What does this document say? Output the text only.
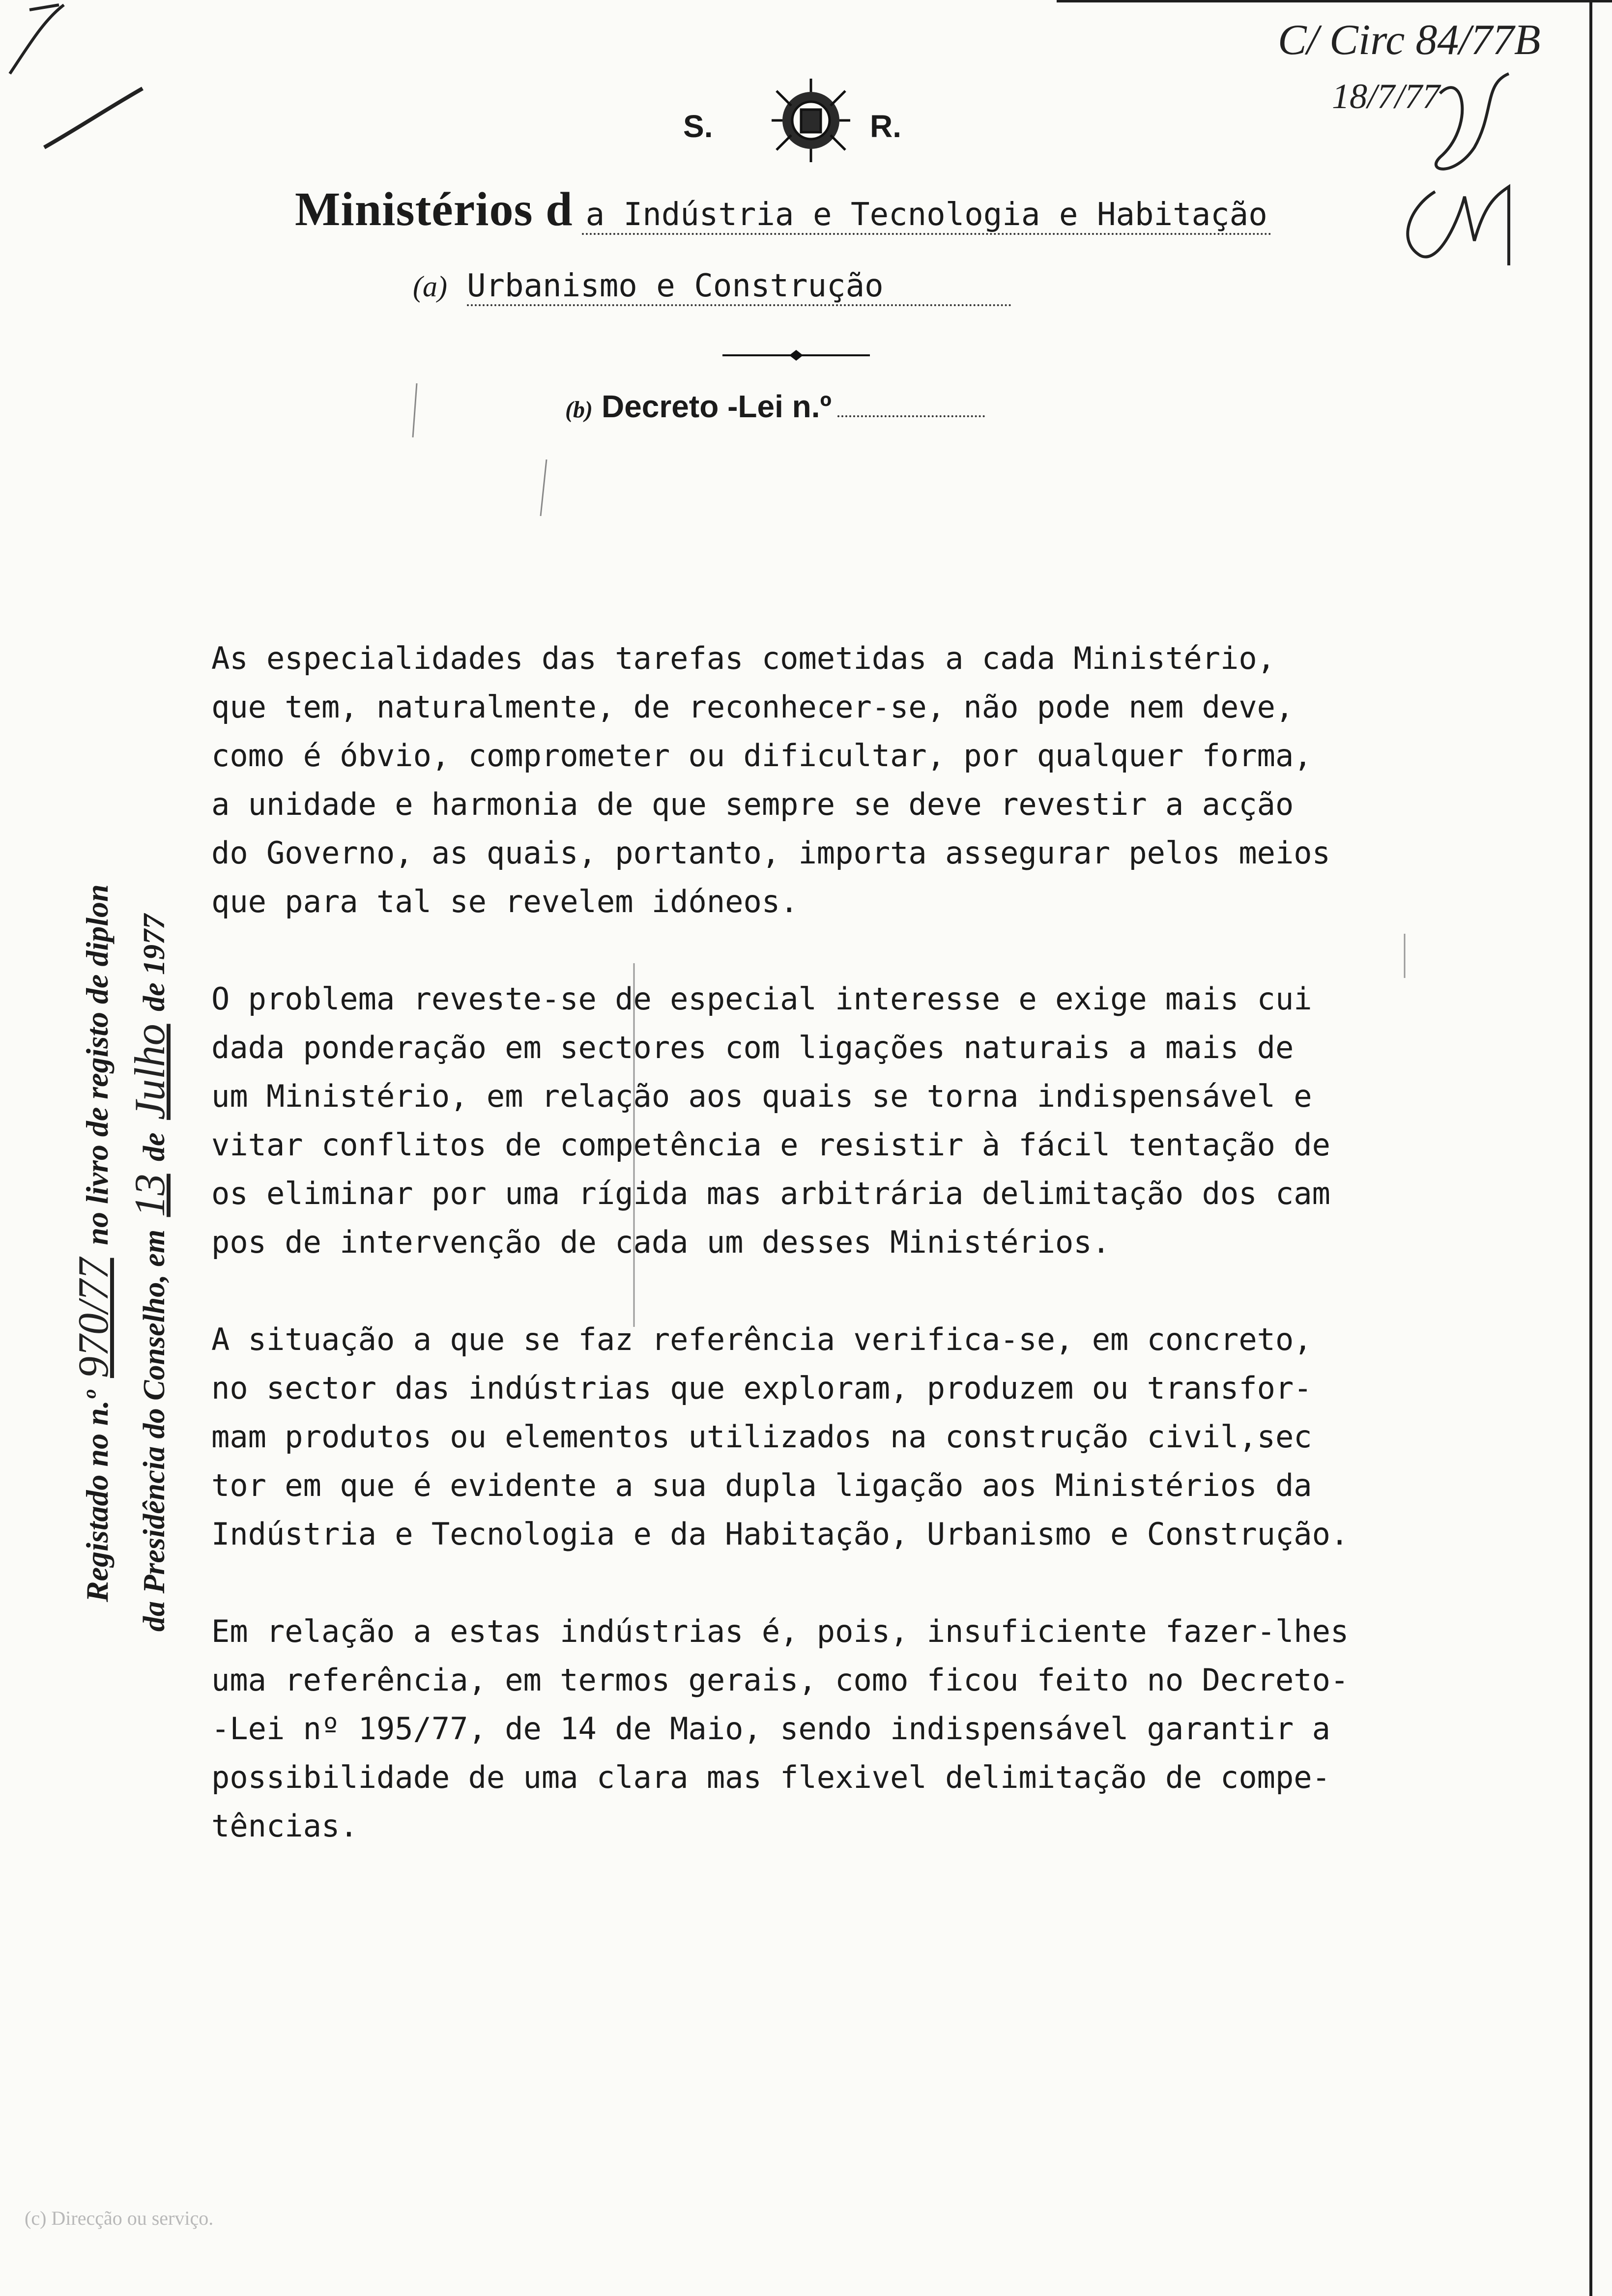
S.	R.
Ministérios d a Indústria e Tecnologia e Habitação
(a) Urbanismo e Construção
(b) Decreto -Lei n.º
C/ Circ 84/77B
18/7/77
As especialidades das tarefas cometidas a cada Ministério,
que tem, naturalmente, de reconhecer-se, não pode nem deve,
como é óbvio, comprometer ou dificultar, por qualquer forma,
a unidade e harmonia de que sempre se deve revestir a acção
do Governo, as quais, portanto, importa assegurar pelos meios
que para tal se revelem idóneos.
O problema reveste-se de especial interesse e exige mais cui
dada ponderação em sectores com ligações naturais a mais de
um Ministério, em relação aos quais se torna indispensável e
vitar conflitos de competência e resistir à fácil tentação de
os eliminar por uma rígida mas arbitrária delimitação dos cam
pos de intervenção de cada um desses Ministérios.
A situação a que se faz referência verifica-se, em concreto,
no sector das indústrias que exploram, produzem ou transfor-
mam produtos ou elementos utilizados na construção civil,sec
tor em que é evidente a sua dupla ligação aos Ministérios da
Indústria e Tecnologia e da Habitação, Urbanismo e Construção.
Em relação a estas indústrias é, pois, insuficiente fazer-lhes
uma referência, em termos gerais, como ficou feito no Decreto-
-Lei nº 195/77, de 14 de Maio, sendo indispensável garantir a
possibilidade de uma clara mas flexivel delimitação de compe-
tências.
Registado no n.º 970/77 no livro de registo de diplon
da Presidência do Conselho, em 13 de Julho de 1977
(c) Direcção ou serviço.
